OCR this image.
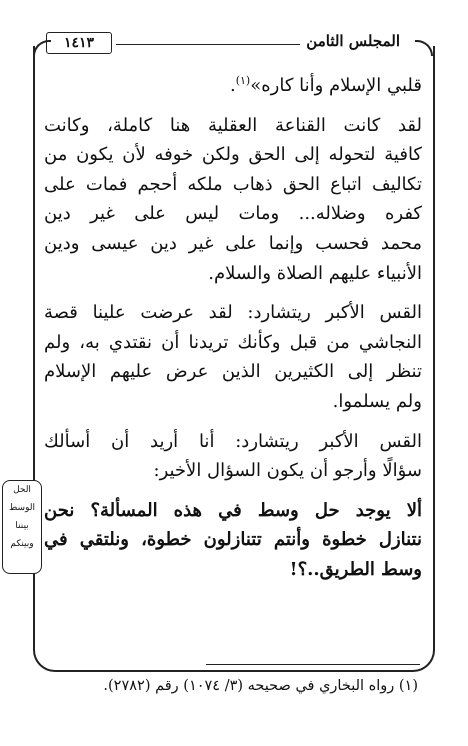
المجلس الثامن
١٤١٣

قلبي الإسلام وأنا كاره»$^{(١)}$.

لقد كانت القناعة العقلية هنا كاملة، وكانت
كافية لتحوله إلى الحق ولكن خوفه لأن يكون من
تكاليف اتباع الحق ذهاب ملكه أحجم فمات على
كفره وضلاله... ومات ليس على غير دين
محمد فحسب وإنما على غير دين عيسى ودين
الأنبياء عليهم الصلاة والسلام.

القس الأكبر ريتشارد: لقد عرضت علينا قصة
النجاشي من قبل وكأنك تريدنا أن نقتدي به، ولم
تنظر إلى الكثيرين الذين عرض عليهم الإسلام
ولم يسلموا.

القس الأكبر ريتشارد: أنا أريد أن أسألك
سؤالًا وأرجو أن يكون السؤال الأخير:

ألا يوجد حل وسط في هذه المسألة؟ نحن
نتنازل خطوة وأنتم تتنازلون خطوة، ونلتقي في
وسط الطريق..؟!

الحل
الوسط
بيننا
وبينكم
(١) رواه البخاري في صحيحه (٣/ ١٠٧٤) رقم (٢٧٨٢).
